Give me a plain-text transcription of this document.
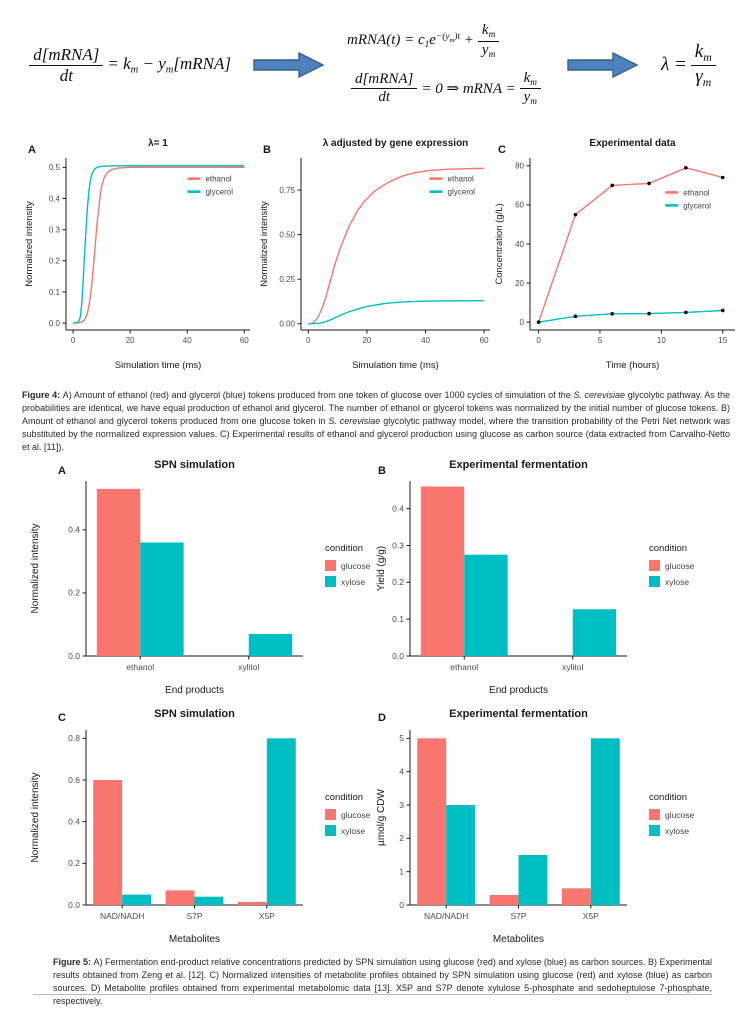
$\frac{\text{d[mRNA]}}{dt}$ = km − ym[mRNA]
mRNA(t) = $c1e^{-(y}m^{)t} + \frac{km}{ym}$
$\frac{\text{d[mRNA]}}{dt} = 0$ ⇒ mRNA = $\frac{km}{ym}$
$\lambda = \frac{km}{\gamma m}$
A	B	C
0	20	40	60
0.0
0.1
0.2
0.3
0.4
0.5
λ= 1
Simulation time (ms)
Normalized intensity
ethanol
glycerol
0	20	40	60
0.00
0.25
0.50
0.75
λ adjusted by gene expression
Simulation time (ms)
Normalized intensity
ethanol
glycerol
0	5	10	15
0
20
40
60
80
Experimental data
Time (hours)
Concentration (g/L)
ethanol
glycerol

Figure 4: A) Amount of ethanol (red) and glycerol (blue) tokens produced from one token of glucose over 1000 cycles of simulation of the S. cerevisiae glycolytic pathway. As the probabilities are identical, we have equal production of ethanol and glycerol. The number of ethanol or glycerol tokens was normalized by the initial number of glucose tokens. B) Amount of ethanol and glycerol tokens produced from one glucose token in S. cerevisiae glycolytic pathway model, where the transition probability of the Petri Net network was substituted by the normalized expression values. C) Experimental results of ethanol and glycerol production using glucose as carbon source (data extracted from Carvalho-Netto et al. [11]).

A	B
0.0
0.2
0.4
ethanol	xylitol
SPN simulation
End products
Normalized intensity	condition
glucose
xylose
0.0
0.1
0.2
0.3
0.4
ethanol	xylitol
Experimental fermentation
End products
Yield (g/g)	condition
glucose
xylose
C	D
0.0
0.2
0.4
0.6
0.8
NAD/NADH	S7P	X5P
SPN simulation
Metabolites
Normalized intensity	condition
glucose
xylose
0
1
2
3
4
5
NAD/NADH	S7P	X5P
Experimental fermentation
Metabolites
µmol/g CDW	condition
glucose
xylose

Figure 5: A) Fermentation end-product relative concentrations predicted by SPN simulation using glucose (red) and xylose (blue) as carbon sources. B) Experimental results obtained from Zeng et al. [12]. C) Normalized intensities of metabolite profiles obtained by SPN simulation using glucose (red) and xylose (blue) as carbon sources. D) Metabolite profiles obtained from experimental metabolomic data [13]. X5P and S7P denote xylulose 5-phosphate and sedoheptulose 7-phosphate, respectively.
